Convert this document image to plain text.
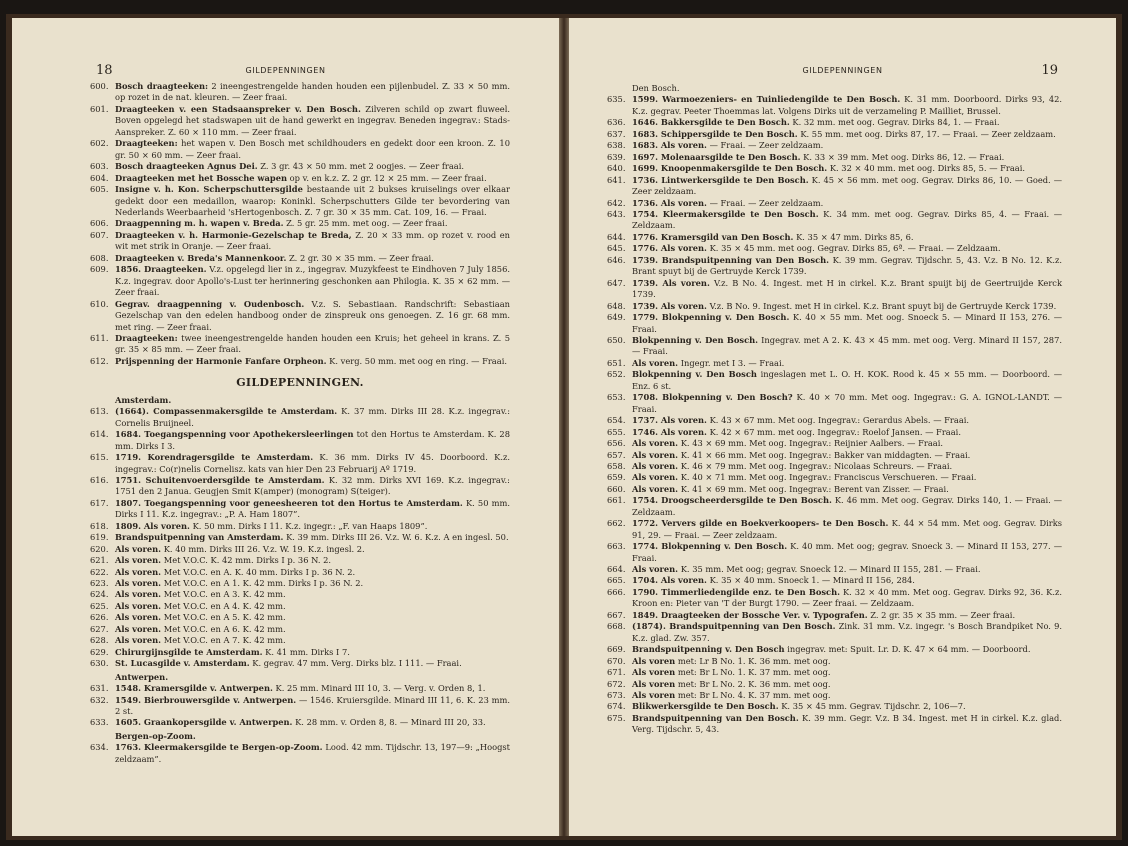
18	GILDEPENNINGEN
600. Bosch draagteeken: 2 ineengestrengelde handen houden een pijlenbudel. Z. 33 × 50 mm. op rozet in de nat. kleuren. — Zeer fraai.
601. Draagteeken v. een Stadsaanspreker v. Den Bosch. Zilveren schild op zwart fluweel. Boven opgelegd het stadswapen uit de hand gewerkt en ingegrav. Beneden ingegrav.: Stads-Aanspreker. Z. 60 × 110 mm. — Zeer fraai.
602. Draagteeken: het wapen v. Den Bosch met schildhouders en gedekt door een kroon. Z. 10 gr. 50 × 60 mm. — Zeer fraai.
603. Bosch draagteeken Agnus Dei. Z. 3 gr. 43 × 50 mm. met 2 oogjes. — Zeer fraai.
604. Draagteeken met het Bossche wapen op v. en k.z. Z. 2 gr. 12 × 25 mm. — Zeer fraai.
605. Insigne v. h. Kon. Scherpschuttersgilde bestaande uit 2 bukses kruiselings over elkaar gedekt door een medaillon, waarop: Koninkl. Scherpschutters Gilde ter bevordering van Nederlands Weerbaarheid 'sHertogenbosch. Z. 7 gr. 30 × 35 mm. Cat. 109, 16. — Fraai.
606. Draagpenning m. h. wapen v. Breda. Z. 5 gr. 25 mm. met oog. — Zeer fraai.
607. Draagteeken v. h. Harmonie-Gezelschap te Breda, Z. 20 × 33 mm. op rozet v. rood en wit met strik in Oranje. — Zeer fraai.
608. Draagteeken v. Breda's Mannenkoor. Z. 2 gr. 30 × 35 mm. — Zeer fraai.
609. 1856. Draagteeken. V.z. opgelegd lier in z., ingegrav. Muzykfeest te Eindhoven 7 July 1856. K.z. ingegrav. door Apollo's-Lust ter herinnering geschonken aan Philogia. K. 35 × 62 mm. — Zeer fraai.
610. Gegrav. draagpenning v. Oudenbosch. V.z. S. Sebastiaan. Randschrift: Sebastiaan Gezelschap van den edelen handboog onder de zinspreuk ons genoegen. Z. 16 gr. 68 mm. met ring. — Zeer fraai.
611. Draagteeken: twee ineengestrengelde handen houden een Kruis; het geheel in krans. Z. 5 gr. 35 × 85 mm. — Zeer fraai.
612. Prijspenning der Harmonie Fanfare Orpheon. K. verg. 50 mm. met oog en ring. — Fraai.
GILDEPENNINGEN.
Amsterdam.
613. (1664). Compassenmakersgilde te Amsterdam. K. 37 mm. Dirks III 28. K.z. ingegrav.: Cornelis Bruijneel.
614. 1684. Toegangspenning voor Apothekersleerlingen tot den Hortus te Amsterdam. K. 28 mm. Dirks I 3.
615. 1719. Korendragersgilde te Amsterdam. K. 36 mm. Dirks IV 45. Doorboord. K.z. ingegrav.: Co(r)nelis Cornelisz. kats van hier Den 23 Februarij Aº 1719.
616. 1751. Schuitenvoerdersgilde te Amsterdam. K. 32 mm. Dirks XVI 169. K.z. ingegrav.: 1751 den 2 Janua. Geugjen Smit K(amper) (monogram) S(teiger).
617. 1807. Toegangspenning voor geneesheeren tot den Hortus te Amsterdam. K. 50 mm. Dirks I 11. K.z. ingegrav.: „P. A. Ham 1807”.
618. 1809. Als voren. K. 50 mm. Dirks I 11. K.z. ingegr.: „F. van Haaps 1809”.
619. Brandspuitpenning van Amsterdam. K. 39 mm. Dirks III 26. V.z. W. 6. K.z. A en ingesl. 50.
620. Als voren. K. 40 mm. Dirks III 26. V.z. W. 19. K.z. ingesl. 2.
621. Als voren. Met V.O.C. K. 42 mm. Dirks I p. 36 N. 2.
622. Als voren. Met V.O.C. en A. K. 40 mm. Dirks I p. 36 N. 2.
623. Als voren. Met V.O.C. en A 1. K. 42 mm. Dirks I p. 36 N. 2.
624. Als voren. Met V.O.C. en A 3. K. 42 mm.
625. Als voren. Met V.O.C. en A 4. K. 42 mm.
626. Als voren. Met V.O.C. en A 5. K. 42 mm.
627. Als voren. Met V.O.C. en A 6. K. 42 mm.
628. Als voren. Met V.O.C. en A 7. K. 42 mm.
629. Chirurgijnsgilde te Amsterdam. K. 41 mm. Dirks I 7.
630. St. Lucasgilde v. Amsterdam. K. gegrav. 47 mm. Verg. Dirks blz. I 111. — Fraai.
Antwerpen.
631. 1548. Kramersgilde v. Antwerpen. K. 25 mm. Minard III 10, 3. — Verg. v. Orden 8, 1.
632. 1549. Bierbrouwersgilde v. Antwerpen. — 1546. Kruiersgilde. Minard III 11, 6. K. 23 mm. 2 st.
633. 1605. Graankopersgilde v. Antwerpen. K. 28 mm. v. Orden 8, 8. — Minard III 20, 33.
Bergen-op-Zoom.
634. 1763. Kleermakersgilde te Bergen-op-Zoom. Lood. 42 mm. Tijdschr. 13, 197—9: „Hoogst zeldzaam”.
19
GILDEPENNINGEN
Den Bosch.
635. 1599. Warmoezeniers- en Tuinliedengilde te Den Bosch. K. 31 mm. Doorboord. Dirks 93, 42. K.z. gegrav. Peeter Thoemmas lat. Volgens Dirks uit de verzameling P. Mailliet, Brussel.
636. 1646. Bakkersgilde te Den Bosch. K. 32 mm. met oog. Gegrav. Dirks 84, 1. — Fraai.
637. 1683. Schippersgilde te Den Bosch. K. 55 mm. met oog. Dirks 87, 17. — Fraai. — Zeer zeldzaam.
638. 1683. Als voren. — Fraai. — Zeer zeldzaam.
639. 1697. Molenaarsgilde te Den Bosch. K. 33 × 39 mm. Met oog. Dirks 86, 12. — Fraai.
640. 1699. Knoopenmakersgilde te Den Bosch. K. 32 × 40 mm. met oog. Dirks 85, 5. — Fraai.
641. 1736. Lintwerkersgilde te Den Bosch. K. 45 × 56 mm. met oog. Gegrav. Dirks 86, 10. — Goed. — Zeer zeldzaam.
642. 1736. Als voren. — Fraai. — Zeer zeldzaam.
643. 1754. Kleermakersgilde te Den Bosch. K. 34 mm. met oog. Gegrav. Dirks 85, 4. — Fraai. — Zeldzaam.
644. 1776. Kramersgild van Den Bosch. K. 35 × 47 mm. Dirks 85, 6.
645. 1776. Als voren. K. 35 × 45 mm. met oog. Gegrav. Dirks 85, 6ª. — Fraai. — Zeldzaam.
646. 1739. Brandspuitpenning van Den Bosch. K. 39 mm. Gegrav. Tijdschr. 5, 43. V.z. B No. 12. K.z. Brant spuyt bij de Gertruyde Kerck 1739.
647. 1739. Als voren. V.z. B No. 4. Ingest. met H in cirkel. K.z. Brant spuijt bij de Geertruijde Kerck 1739.
648. 1739. Als voren. V.z. B No. 9. Ingest. met H in cirkel. K.z. Brant spuyt bij de Gertruyde Kerck 1739.
649. 1779. Blokpenning v. Den Bosch. K. 40 × 55 mm. Met oog. Snoeck 5. — Minard II 153, 276. — Fraai.
650. Blokpenning v. Den Bosch. Ingegrav. met A 2. K. 43 × 45 mm. met oog. Verg. Minard II 157, 287. — Fraai.
651. Als voren. Ingegr. met I 3. — Fraai.
652. Blokpenning v. Den Bosch ingeslagen met L. O. H. KOK. Rood k. 45 × 55 mm. — Doorboord. — Enz. 6 st.
653. 1708. Blokpenning v. Den Bosch? K. 40 × 70 mm. Met oog. Ingegrav.: G. A. IGNOL-LANDT. — Fraai.
654. 1737. Als voren. K. 43 × 67 mm. Met oog. Ingegrav.: Gerardus Abels. — Fraai.
655. 1746. Als voren. K. 42 × 67 mm. met oog. Ingegrav.: Roelof Jansen. — Fraai.
656. Als voren. K. 43 × 69 mm. Met oog. Ingegrav.: Reijnier Aalbers. — Fraai.
657. Als voren. K. 41 × 66 mm. Met oog. Ingegrav.: Bakker van middagten. — Fraai.
658. Als voren. K. 46 × 79 mm. Met oog. Ingegrav.: Nicolaas Schreurs. — Fraai.
659. Als voren. K. 40 × 71 mm. Met oog. Ingegrav.: Franciscus Verschueren. — Fraai.
660. Als voren. K. 41 × 69 mm. Met oog. Ingegrav.: Berent van Zisser. — Fraai.
661. 1754. Droogscheerdersgilde te Den Bosch. K. 46 mm. Met oog. Gegrav. Dirks 140, 1. — Fraai. — Zeldzaam.
662. 1772. Ververs gilde en Boekverkoopers- te Den Bosch. K. 44 × 54 mm. Met oog. Gegrav. Dirks 91, 29. — Fraai. — Zeer zeldzaam.
663. 1774. Blokpenning v. Den Bosch. K. 40 mm. Met oog; gegrav. Snoeck 3. — Minard II 153, 277. — Fraai.
664. Als voren. K. 35 mm. Met oog; gegrav. Snoeck 12. — Minard II 155, 281. — Fraai.
665. 1704. Als voren. K. 35 × 40 mm. Snoeck 1. — Minard II 156, 284.
666. 1790. Timmerliedengilde enz. te Den Bosch. K. 32 × 40 mm. Met oog. Gegrav. Dirks 92, 36. K.z. Kroon en: Pieter van 'T der Burgt 1790. — Zeer fraai. — Zeldzaam.
667. 1849. Draagteeken der Bossche Ver. v. Typografen. Z. 2 gr. 35 × 35 mm. — Zeer fraai.
668. (1874). Brandspuitpenning van Den Bosch. Zink. 31 mm. V.z. ingegr. 's Bosch Brandpiket No. 9. K.z. glad. Zw. 357.
669. Brandspuitpenning v. Den Bosch ingegrav. met: Spuit. Lr. D. K. 47 × 64 mm. — Doorboord.
670. Als voren met: Lr B No. 1. K. 36 mm. met oog.
671. Als voren met: Br L No. 1. K. 37 mm. met oog.
672. Als voren met: Br L No. 2. K. 36 mm. met oog.
673. Als voren met: Br L No. 4. K. 37 mm. met oog.
674. Blikwerkersgilde te Den Bosch. K. 35 × 45 mm. Gegrav. Tijdschr. 2, 106—7.
675. Brandspuitpenning van Den Bosch. K. 39 mm. Gegr. V.z. B 34. Ingest. met H in cirkel. K.z. glad. Verg. Tijdschr. 5, 43.
